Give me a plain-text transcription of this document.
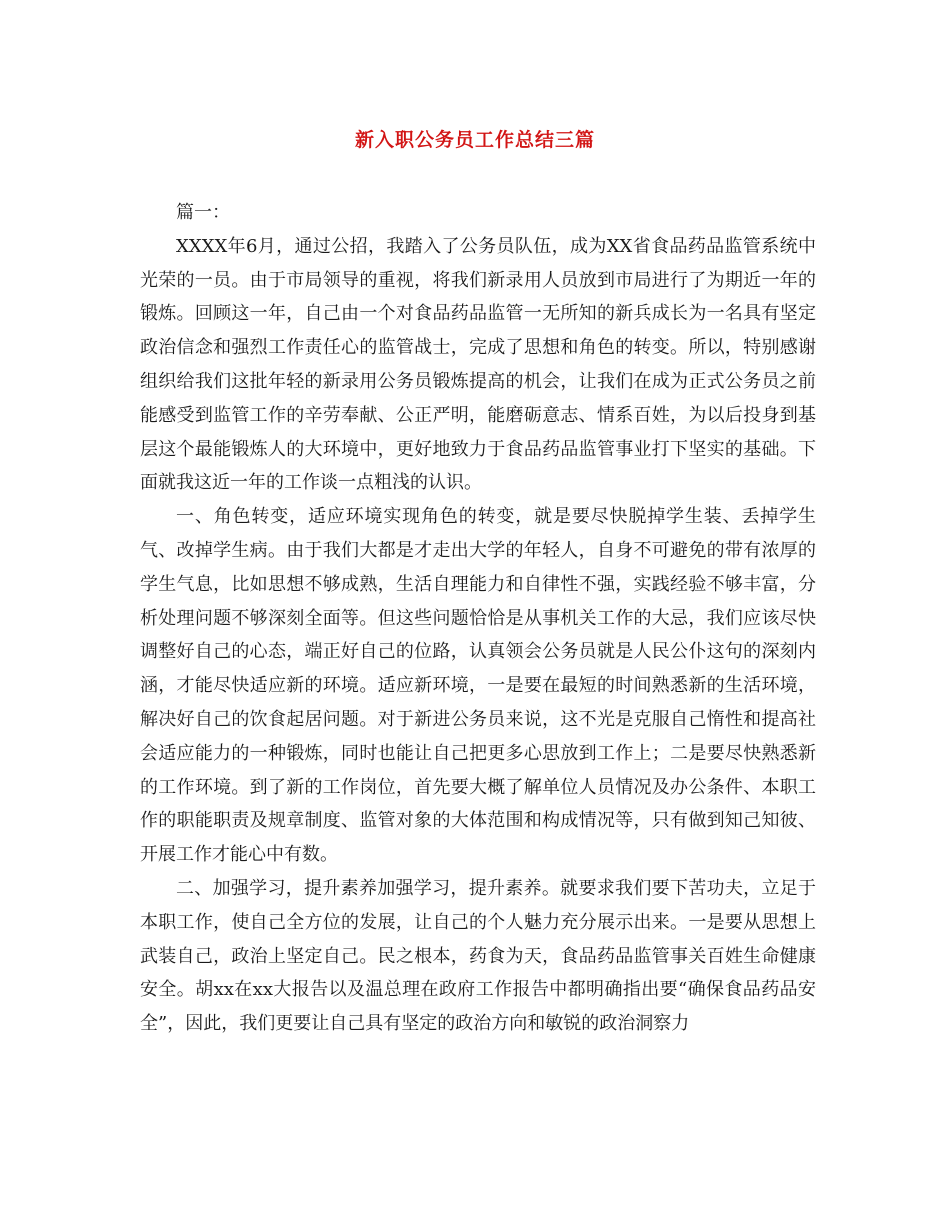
新入职公务员工作总结三篇

篇一：

XXXX年6月，通过公招，我踏入了公务员队伍，成为XX省食品药品监管系统中光荣的一员。由于市局领导的重视，将我们新录用人员放到市局进行了为期近一年的锻炼。回顾这一年，自己由一个对食品药品监管一无所知的新兵成长为一名具有坚定政治信念和强烈工作责任心的监管战士，完成了思想和角色的转变。所以，特别感谢组织给我们这批年轻的新录用公务员锻炼提高的机会，让我们在成为正式公务员之前能感受到监管工作的辛劳奉献、公正严明，能磨砺意志、情系百姓，为以后投身到基层这个最能锻炼人的大环境中，更好地致力于食品药品监管事业打下坚实的基础。下面就我这近一年的工作谈一点粗浅的认识。

一、角色转变，适应环境实现角色的转变，就是要尽快脱掉学生装、丢掉学生气、改掉学生病。由于我们大都是才走出大学的年轻人，自身不可避免的带有浓厚的学生气息，比如思想不够成熟，生活自理能力和自律性不强，实践经验不够丰富，分析处理问题不够深刻全面等。但这些问题恰恰是从事机关工作的大忌，我们应该尽快调整好自己的心态，端正好自己的位路，认真领会公务员就是人民公仆这句的深刻内涵，才能尽快适应新的环境。适应新环境，一是要在最短的时间熟悉新的生活环境，解决好自己的饮食起居问题。对于新进公务员来说，这不光是克服自己惰性和提高社会适应能力的一种锻炼，同时也能让自己把更多心思放到工作上；二是要尽快熟悉新的工作环境。到了新的工作岗位，首先要大概了解单位人员情况及办公条件、本职工作的职能职责及规章制度、监管对象的大体范围和构成情况等，只有做到知己知彼、开展工作才能心中有数。

二、加强学习，提升素养加强学习，提升素养。就要求我们要下苦功夫，立足于本职工作，使自己全方位的发展，让自己的个人魅力充分展示出来。一是要从思想上武装自己，政治上坚定自己。民之根本，药食为天，食品药品监管事关百姓生命健康安全。胡xx在xx大报告以及温总理在政府工作报告中都明确指出要“确保食品药品安全”，因此，我们更要让自己具有坚定的政治方向和敏锐的政治洞察力
